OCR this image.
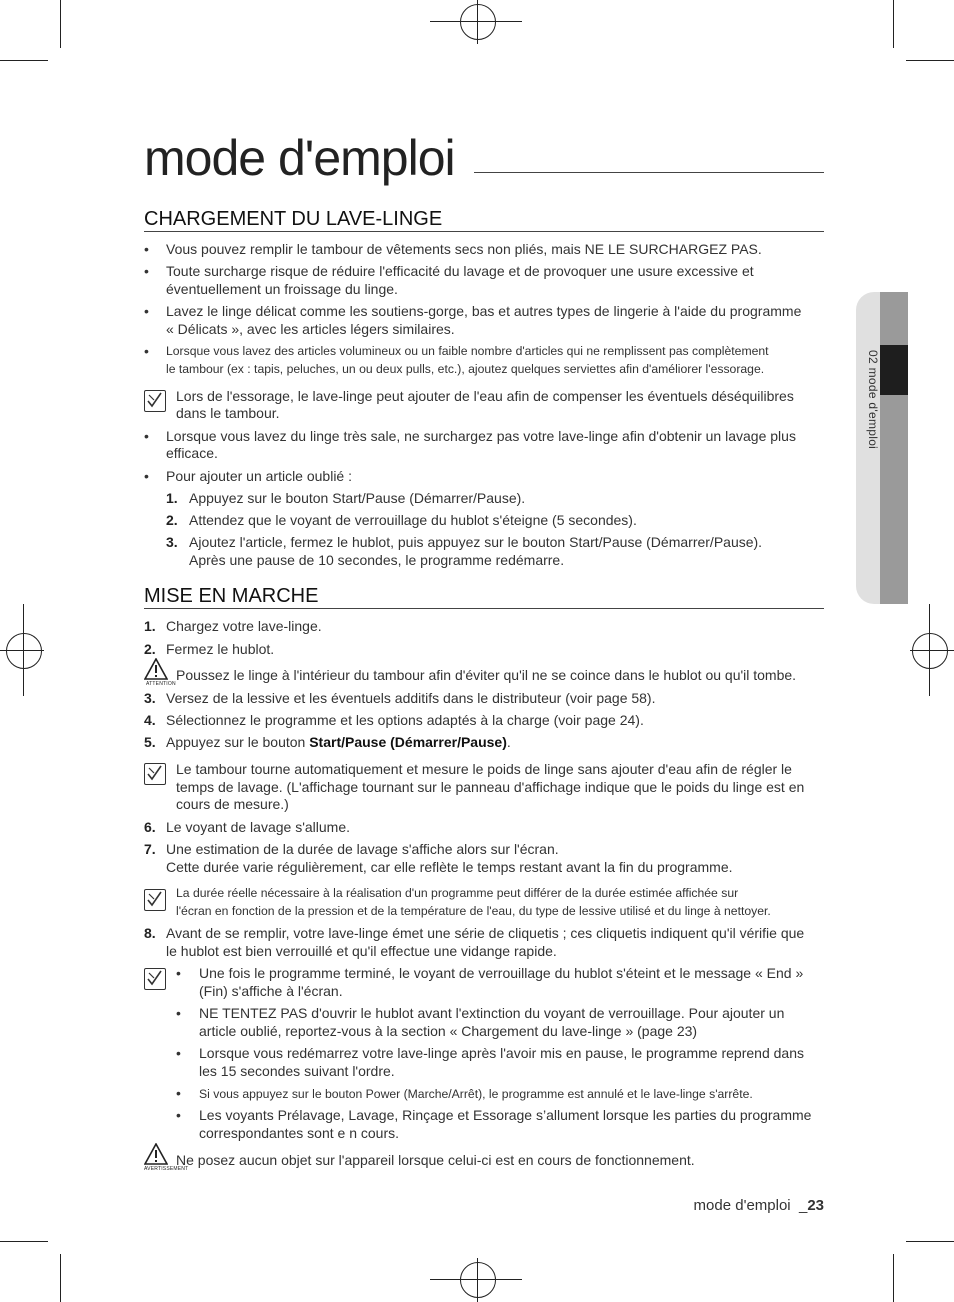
02 mode d'emploi
mode d'emploi
CHARGEMENT DU LAVE-LINGE
• Vous pouvez remplir le tambour de vêtements secs non pliés, mais NE LE SURCHARGEZ PAS.
• Toute surcharge risque de réduire l'efficacité du lavage et de provoquer une usure excessive et
éventuellement un froissage du linge.
• Lavez le linge délicat comme les soutiens-gorge, bas et autres types de lingerie à l'aide du programme
« Délicats », avec les articles légers similaires.
• Lorsque vous lavez des articles volumineux ou un faible nombre d'articles qui ne remplissent pas complètement
le tambour (ex : tapis, peluches, un ou deux pulls, etc.), ajoutez quelques serviettes afin d'améliorer l'essorage.
Lors de l'essorage, le lave-linge peut ajouter de l'eau afin de compenser les éventuels déséquilibres
dans le tambour.
• Lorsque vous lavez du linge très sale, ne surchargez pas votre lave-linge afin d'obtenir un lavage plus
efficace.
• Pour ajouter un article oublié :
1. Appuyez sur le bouton Start/Pause (Démarrer/Pause).
2. Attendez que le voyant de verrouillage du hublot s'éteigne (5 secondes).
3. Ajoutez l'article, fermez le hublot, puis appuyez sur le bouton Start/Pause (Démarrer/Pause).
Après une pause de 10 secondes, le programme redémarre.
MISE EN MARCHE
1. Chargez votre lave-linge.
2. Fermez le hublot.
ATTENTION
Poussez le linge à l'intérieur du tambour afin d'éviter qu'il ne se coince dans le hublot ou qu'il tombe.
3. Versez de la lessive et les éventuels additifs dans le distributeur (voir page 58).
4. Sélectionnez le programme et les options adaptés à la charge (voir page 24).
5. Appuyez sur le bouton Start/Pause (Démarrer/Pause).
Le tambour tourne automatiquement et mesure le poids de linge sans ajouter d'eau afin de régler le
temps de lavage. (L'affichage tournant sur le panneau d'affichage indique que le poids du linge est en
cours de mesure.)
6. Le voyant de lavage s'allume.
7. Une estimation de la durée de lavage s'affiche alors sur l'écran.
Cette durée varie régulièrement, car elle reflète le temps restant avant la fin du programme.
La durée réelle nécessaire à la réalisation d'un programme peut différer de la durée estimée affichée sur
l'écran en fonction de la pression et de la température de l'eau, du type de lessive utilisé et du linge à nettoyer.
8. Avant de se remplir, votre lave-linge émet une série de cliquetis ; ces cliquetis indiquent qu'il vérifie que
le hublot est bien verrouillé et qu'il effectue une vidange rapide.
• Une fois le programme terminé, le voyant de verrouillage du hublot s'éteint et le message « End »
(Fin) s'affiche à l'écran.
• NE TENTEZ PAS d'ouvrir le hublot avant l'extinction du voyant de verrouillage. Pour ajouter un
article oublié, reportez-vous à la section « Chargement du lave-linge » (page 23)
• Lorsque vous redémarrez votre lave-linge après l'avoir mis en pause, le programme reprend dans
les 15 secondes suivant l'ordre.
• Si vous appuyez sur le bouton Power (Marche/Arrêt), le programme est annulé et le lave-linge s'arrête.
• Les voyants Prélavage, Lavage, Rinçage et Essorage s’allument lorsque les parties du programme
correspondantes sont e n cours.
AVERTISSEMENT
Ne posez aucun objet sur l'appareil lorsque celui-ci est en cours de fonctionnement.
mode d'emploi  _23
